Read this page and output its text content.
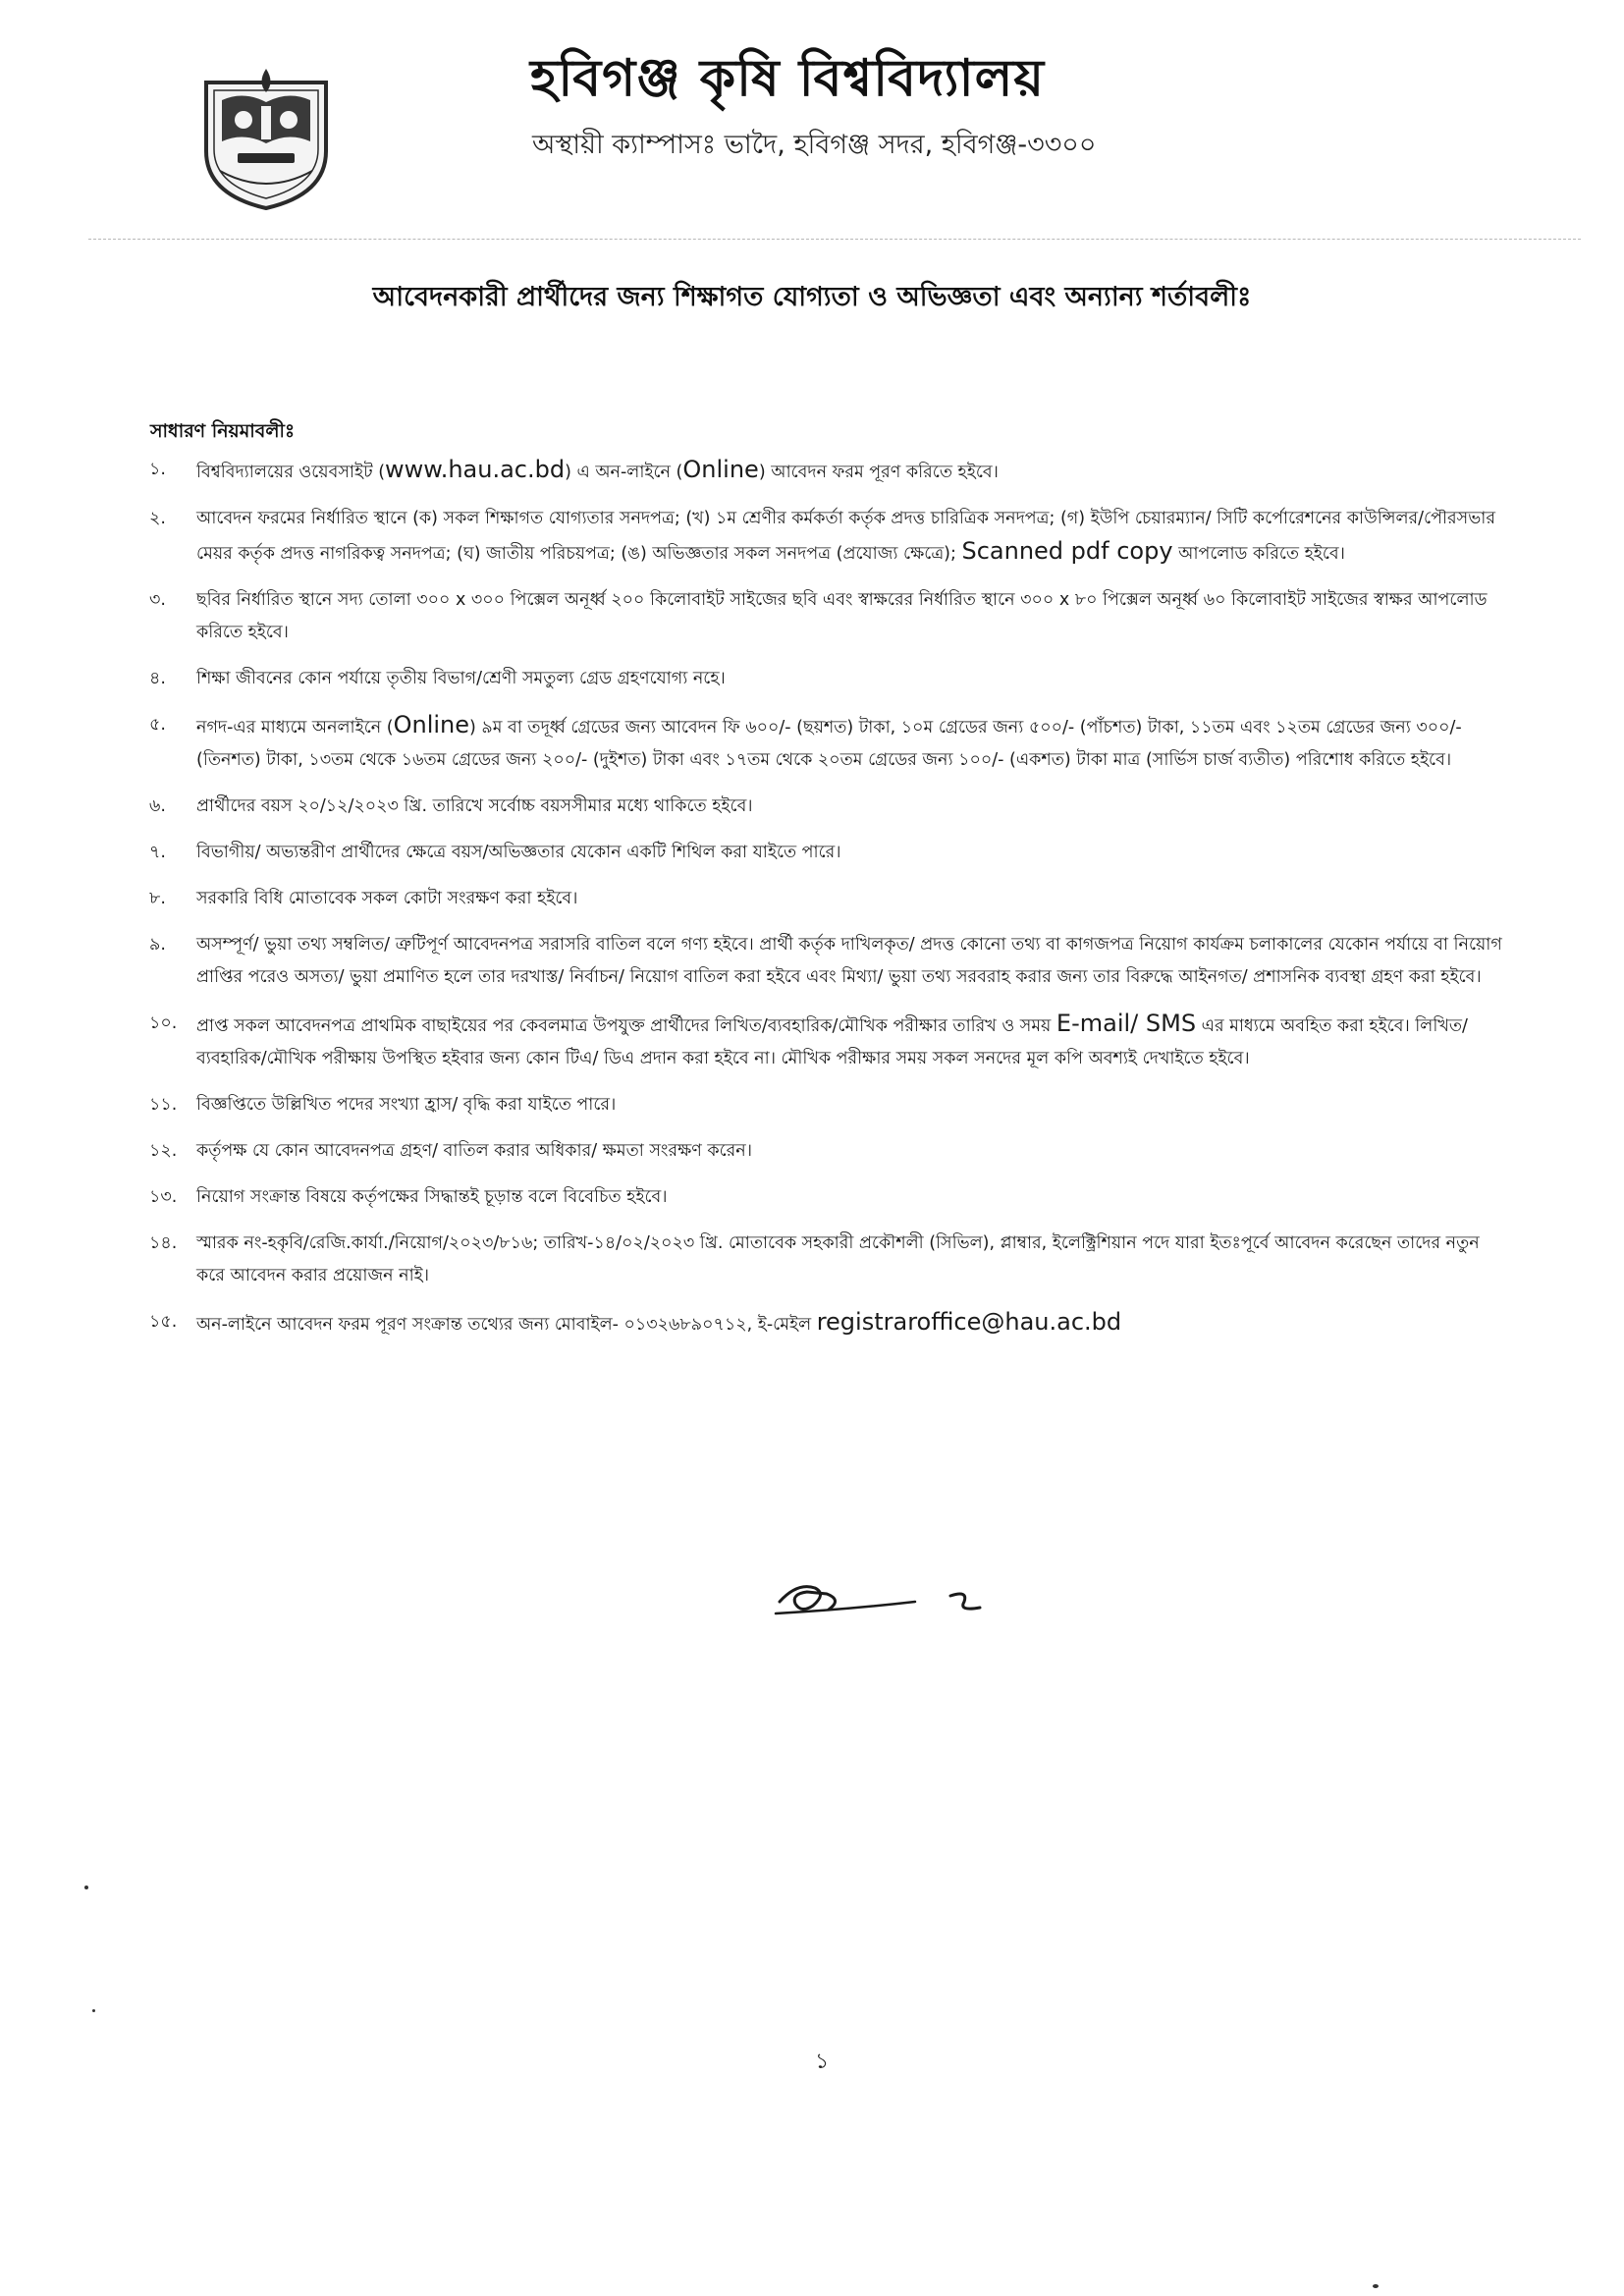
হবিগঞ্জ কৃষি বিশ্ববিদ্যালয়
অস্থায়ী ক্যাম্পাসঃ ভাদৈ, হবিগঞ্জ সদর, হবিগঞ্জ-৩৩০০
আবেদনকারী প্রার্থীদের জন্য শিক্ষাগত যোগ্যতা ও অভিজ্ঞতা এবং অন্যান্য শর্তাবলীঃ
সাধারণ নিয়মাবলীঃ
১.	বিশ্ববিদ্যালয়ের ওয়েবসাইট (www.hau.ac.bd) এ অন-লাইনে (Online) আবেদন ফরম পূরণ করিতে হইবে।
২.	আবেদন ফরমের নির্ধারিত স্থানে (ক) সকল শিক্ষাগত যোগ্যতার সনদপত্র; (খ) ১ম শ্রেণীর কর্মকর্তা কর্তৃক প্রদত্ত চারিত্রিক সনদপত্র; (গ) ইউপি চেয়ারম্যান/ সিটি কর্পোরেশনের কাউন্সিলর/পৌরসভার মেয়র কর্তৃক প্রদত্ত নাগরিকত্ব সনদপত্র; (ঘ) জাতীয় পরিচয়পত্র; (ঙ) অভিজ্ঞতার সকল সনদপত্র (প্রযোজ্য ক্ষেত্রে); Scanned pdf copy আপলোড করিতে হইবে।
৩.	ছবির নির্ধারিত স্থানে সদ্য তোলা ৩০০ x ৩০০ পিক্সেল অনূর্ধ্ব ২০০ কিলোবাইট সাইজের ছবি এবং স্বাক্ষরের নির্ধারিত স্থানে ৩০০ x ৮০ পিক্সেল অনূর্ধ্ব ৬০ কিলোবাইট সাইজের স্বাক্ষর আপলোড করিতে হইবে।
৪.	শিক্ষা জীবনের কোন পর্যায়ে তৃতীয় বিভাগ/শ্রেণী সমতুল্য গ্রেড গ্রহণযোগ্য নহে।
৫.	নগদ-এর মাধ্যমে অনলাইনে (Online) ৯ম বা তদূর্ধ্ব গ্রেডের জন্য আবেদন ফি ৬০০/- (ছয়শত) টাকা, ১০ম গ্রেডের জন্য ৫০০/- (পাঁচশত) টাকা, ১১তম এবং ১২তম গ্রেডের জন্য ৩০০/- (তিনশত) টাকা, ১৩তম থেকে ১৬তম গ্রেডের জন্য ২০০/- (দুইশত) টাকা এবং ১৭তম থেকে ২০তম গ্রেডের জন্য ১০০/- (একশত) টাকা মাত্র (সার্ভিস চার্জ ব্যতীত) পরিশোধ করিতে হইবে।
৬.	প্রার্থীদের বয়স ২০/১২/২০২৩ খ্রি. তারিখে সর্বোচ্চ বয়সসীমার মধ্যে থাকিতে হইবে।
৭.	বিভাগীয়/ অভ্যন্তরীণ প্রার্থীদের ক্ষেত্রে বয়স/অভিজ্ঞতার যেকোন একটি শিথিল করা যাইতে পারে।
৮.	সরকারি বিধি মোতাবেক সকল কোটা সংরক্ষণ করা হইবে।
৯.	অসম্পূর্ণ/ ভুয়া তথ্য সম্বলিত/ ত্রুটিপূর্ণ আবেদনপত্র সরাসরি বাতিল বলে গণ্য হইবে। প্রার্থী কর্তৃক দাখিলকৃত/ প্রদত্ত কোনো তথ্য বা কাগজপত্র নিয়োগ কার্যক্রম চলাকালের যেকোন পর্যায়ে বা নিয়োগ প্রাপ্তির পরেও অসত্য/ ভুয়া প্রমাণিত হলে তার দরখাস্ত/ নির্বাচন/ নিয়োগ বাতিল করা হইবে এবং মিথ্যা/ ভুয়া তথ্য সরবরাহ করার জন্য তার বিরুদ্ধে আইনগত/ প্রশাসনিক ব্যবস্থা গ্রহণ করা হইবে।
১০.	প্রাপ্ত সকল আবেদনপত্র প্রাথমিক বাছাইয়ের পর কেবলমাত্র উপযুক্ত প্রার্থীদের লিখিত/ব্যবহারিক/মৌখিক পরীক্ষার তারিখ ও সময় E-mail/ SMS এর মাধ্যমে অবহিত করা হইবে। লিখিত/ব্যবহারিক/মৌখিক পরীক্ষায় উপস্থিত হইবার জন্য কোন টিএ/ ডিএ প্রদান করা হইবে না। মৌখিক পরীক্ষার সময় সকল সনদের মূল কপি অবশ্যই দেখাইতে হইবে।
১১.	বিজ্ঞপ্তিতে উল্লিখিত পদের সংখ্যা হ্রাস/ বৃদ্ধি করা যাইতে পারে।
১২.	কর্তৃপক্ষ যে কোন আবেদনপত্র গ্রহণ/ বাতিল করার অধিকার/ ক্ষমতা সংরক্ষণ করেন।
১৩.	নিয়োগ সংক্রান্ত বিষয়ে কর্তৃপক্ষের সিদ্ধান্তই চূড়ান্ত বলে বিবেচিত হইবে।
১৪.	স্মারক নং-হকৃবি/রেজি.কার্যা./নিয়োগ/২০২৩/৮১৬; তারিখ-১৪/০২/২০২৩ খ্রি. মোতাবেক সহকারী প্রকৌশলী (সিভিল), প্লাম্বার, ইলেক্ট্রিশিয়ান পদে যারা ইতঃপূর্বে আবেদন করেছেন তাদের নতুন করে আবেদন করার প্রয়োজন নাই।
১৫.	অন-লাইনে আবেদন ফরম পূরণ সংক্রান্ত তথ্যের জন্য মোবাইল- ০১৩২৬৮৯০৭১২, ই-মেইল registraroffice@hau.ac.bd
১
